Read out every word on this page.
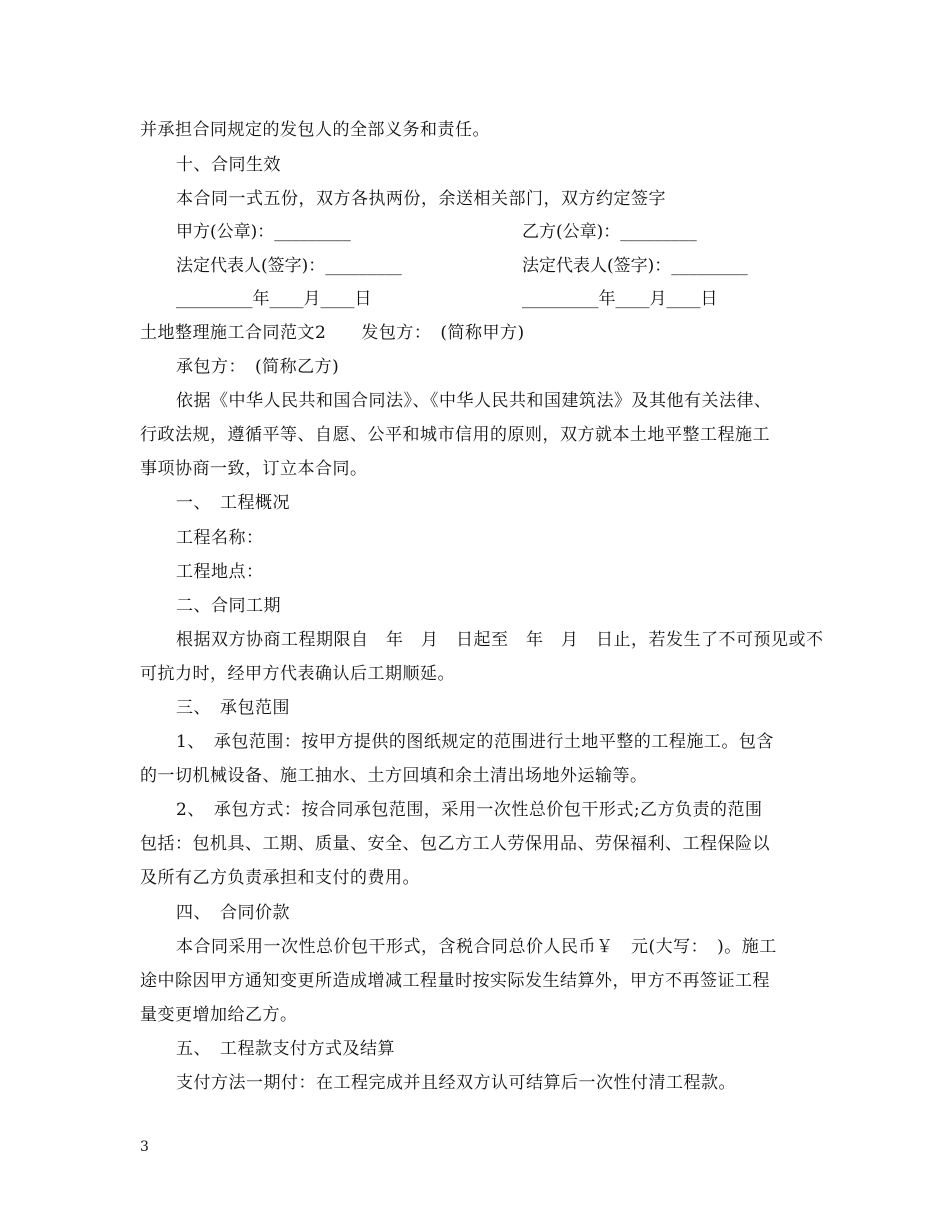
并承担合同规定的发包人的全部义务和责任。
十、合同生效
本合同一式五份，双方各执两份，余送相关部门，双方约定签字
甲方(公章)：_________	乙方(公章)：_________
法定代表人(签字)：_________	法定代表人(签字)：_________
_________年____月____日	_________年____月____日
土地整理施工合同范文2　　发包方：　(简称甲方)
承包方：　(简称乙方)
依据《中华人民共和国合同法》、《中华人民共和国建筑法》及其他有关法律、
行政法规，遵循平等、自愿、公平和城市信用的原则，双方就本土地平整工程施工
事项协商一致，订立本合同。
一、　工程概况
工程名称：
工程地点：
二、合同工期
根据双方协商工程期限自　年　月　日起至　年　月　日止，若发生了不可预见或不
可抗力时，经甲方代表确认后工期顺延。
三、　承包范围
1、　承包范围：按甲方提供的图纸规定的范围进行土地平整的工程施工。包含
的一切机械设备、施工抽水、土方回填和余土清出场地外运输等。
2、　承包方式：按合同承包范围，采用一次性总价包干形式;乙方负责的范围
包括：包机具、工期、质量、安全、包乙方工人劳保用品、劳保福利、工程保险以
及所有乙方负责承担和支付的费用。
四、　合同价款
本合同采用一次性总价包干形式，含税合同总价人民币￥　元(大写：　)。施工
途中除因甲方通知变更所造成增减工程量时按实际发生结算外，甲方不再签证工程
量变更增加给乙方。
五、　工程款支付方式及结算
支付方法一期付：在工程完成并且经双方认可结算后一次性付清工程款。
3
